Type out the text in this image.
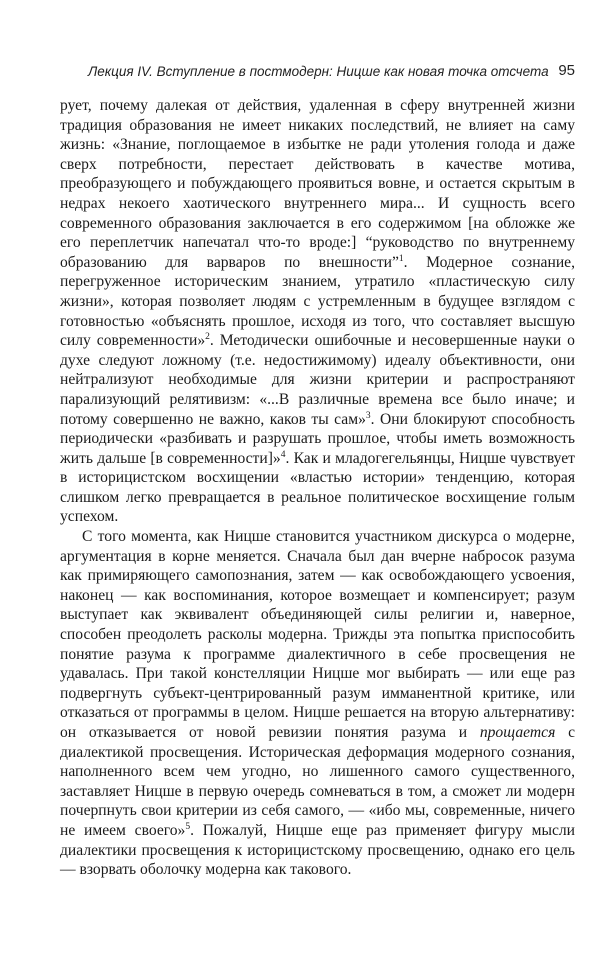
Лекция IV. Вступление в постмодерн: Ницше как новая точка отсчета 95

рует, почему далекая от действия, удаленная в сферу внутренней жизни традиция образования не имеет никаких последствий, не влияет на саму жизнь: «Знание, поглощаемое в избытке не ради утоления голода и даже сверх потребности, перестает действовать в качестве мотива, преобразующего и побуждающего проявиться вовне, и остается скрытым в недрах некоего хаотического внутреннего мира... И сущность всего современного образования заключается в его содержимом [на обложке же его переплетчик напечатал что-то вроде:] “руководство по внутреннему образованию для варваров по внешности”$^1$. Модерное сознание, перегруженное историческим знанием, утратило «пластическую силу жизни», которая позволяет людям с устремленным в будущее взглядом с готовностью «объяснять прошлое, исходя из того, что составляет высшую силу современности»$^2$. Методически ошибочные и несовершенные науки о духе следуют ложному (т.е. недостижимому) идеалу объективности, они нейтрализуют необходимые для жизни критерии и распространяют парализующий релятивизм: «...В различные времена все было иначе; и потому совершенно не важно, каков ты сам»$^3$. Они блокируют способность периодически «разбивать и разрушать прошлое, чтобы иметь возможность жить дальше [в современности]»$^4$. Как и младогегельянцы, Ницше чувствует в историцистском восхищении «властью истории» тенденцию, которая слишком легко превращается в реальное политическое восхищение голым успехом.

С того момента, как Ницше становится участником дискурса о модерне, аргументация в корне меняется. Сначала был дан вчерне набросок разума как примиряющего самопознания, затем — как освобождающего усвоения, наконец — как воспоминания, которое возмещает и компенсирует; разум выступает как эквивалент объединяющей силы религии и, наверное, способен преодолеть расколы модерна. Трижды эта попытка приспособить понятие разума к программе диалектичного в себе просвещения не удавалась. При такой констелляции Ницше мог выбирать — или еще раз подвергнуть субъект-центрированный разум имманентной критике, или отказаться от программы в целом. Ницше решается на вторую альтернативу: он отказывается от новой ревизии понятия разума и прощается с диалектикой просвещения. Историческая деформация модерного сознания, наполненного всем чем угодно, но лишенного самого существенного, заставляет Ницше в первую очередь сомневаться в том, а сможет ли модерн почерпнуть свои критерии из себя самого, — «ибо мы, современные, ничего не имеем своего»$^5$. Пожалуй, Ницше еще раз применяет фигуру мысли диалектики просвещения к историцистскому просвещению, однако его цель — взорвать оболочку модерна как такового.
